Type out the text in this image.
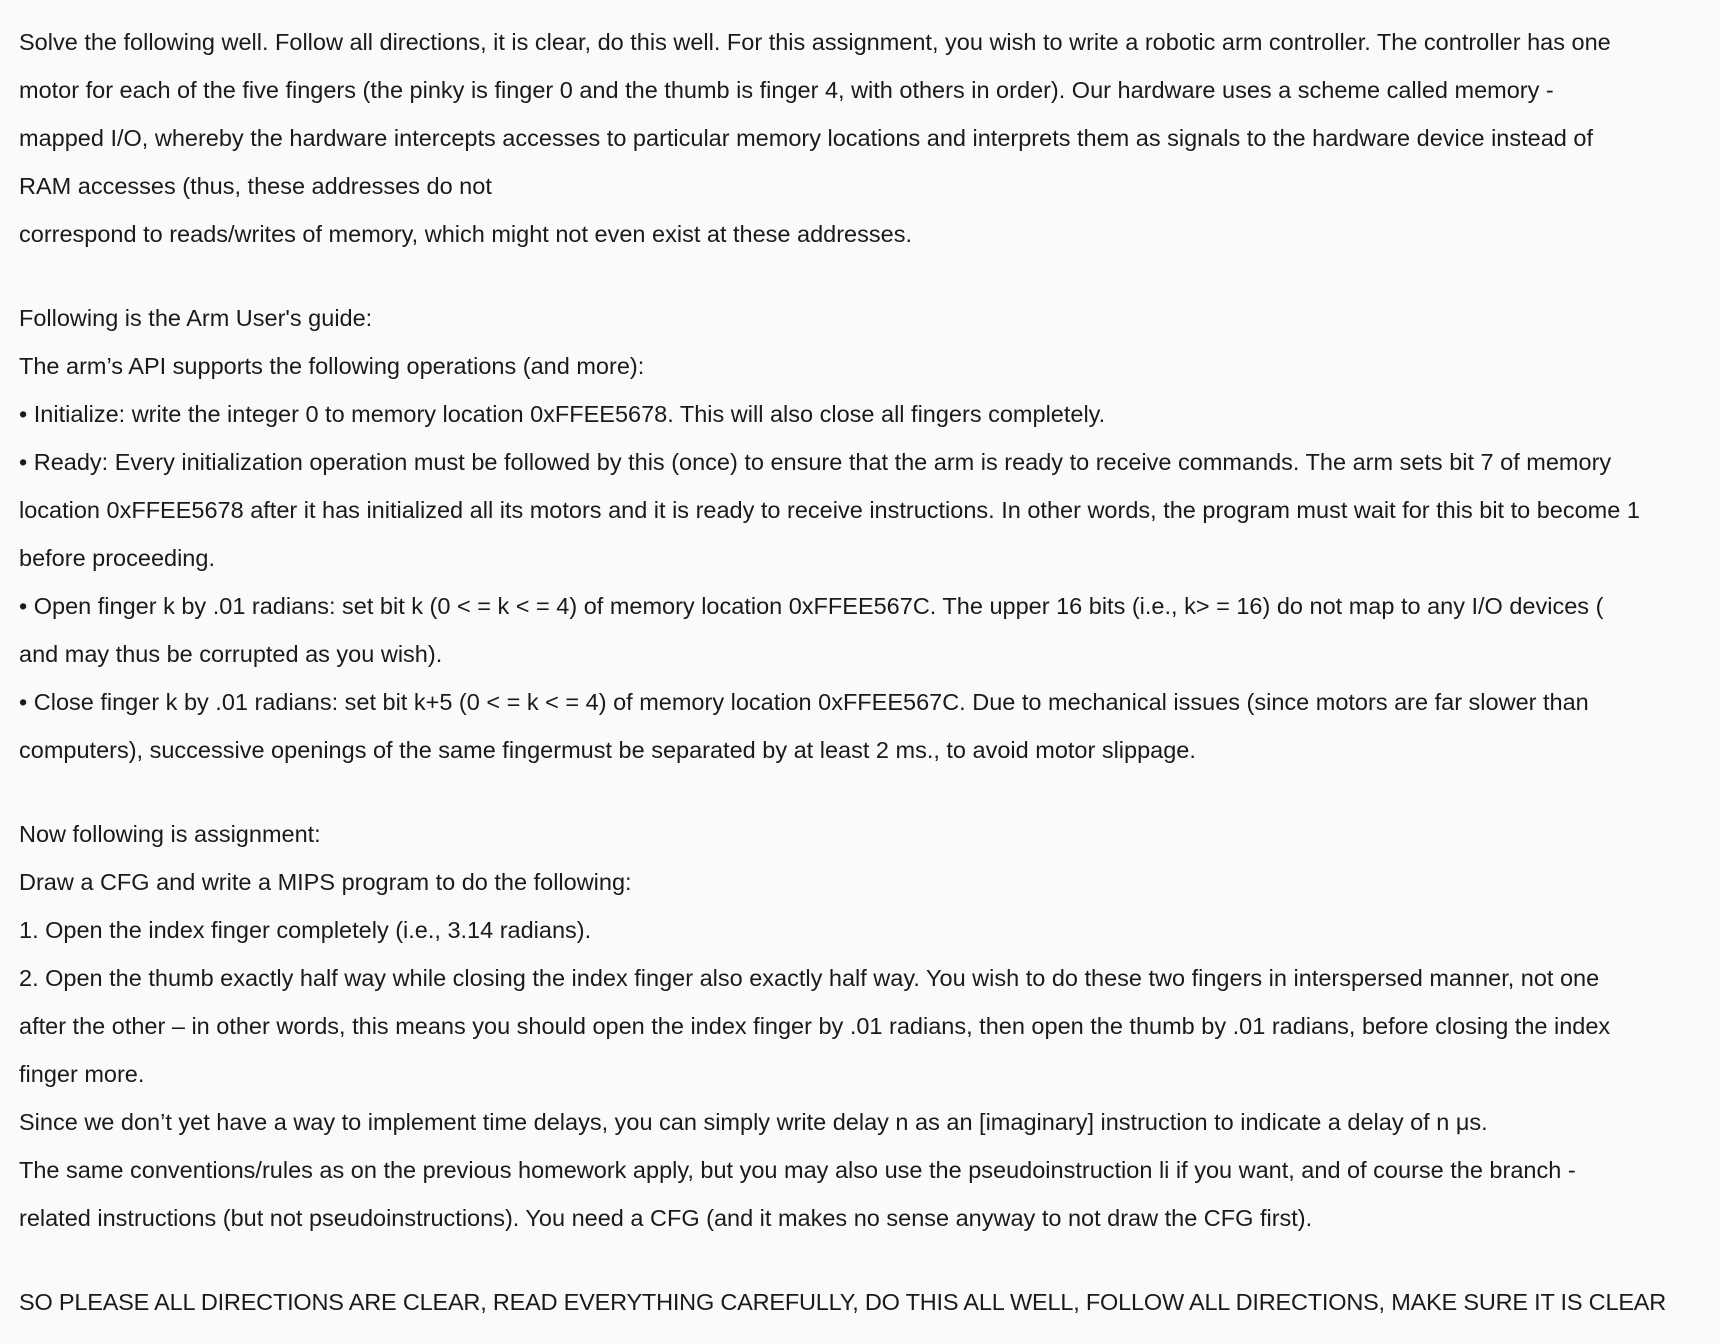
Solve the following well. Follow all directions, it is clear, do this well. For this assignment, you wish to write a robotic arm controller. The controller has one
motor for each of the five fingers (the pinky is finger 0 and the thumb is finger 4, with others in order). Our hardware uses a scheme called memory -
mapped I/O, whereby the hardware intercepts accesses to particular memory locations and interprets them as signals to the hardware device instead of
RAM accesses (thus, these addresses do not
correspond to reads/writes of memory, which might not even exist at these addresses.
Following is the Arm User's guide:
The arm’s API supports the following operations (and more):
• Initialize: write the integer 0 to memory location 0xFFEE5678. This will also close all fingers completely.
• Ready: Every initialization operation must be followed by this (once) to ensure that the arm is ready to receive commands. The arm sets bit 7 of memory
location 0xFFEE5678 after it has initialized all its motors and it is ready to receive instructions. In other words, the program must wait for this bit to become 1
before proceeding.
• Open finger k by .01 radians: set bit k (0 < = k < = 4) of memory location 0xFFEE567C. The upper 16 bits (i.e., k> = 16) do not map to any I/O devices (
and may thus be corrupted as you wish).
• Close finger k by .01 radians: set bit k+5 (0 < = k < = 4) of memory location 0xFFEE567C. Due to mechanical issues (since motors are far slower than
computers), successive openings of the same fingermust be separated by at least 2 ms., to avoid motor slippage.
Now following is assignment:
Draw a CFG and write a MIPS program to do the following:
1. Open the index finger completely (i.e., 3.14 radians).
2. Open the thumb exactly half way while closing the index finger also exactly half way. You wish to do these two fingers in interspersed manner, not one
after the other – in other words, this means you should open the index finger by .01 radians, then open the thumb by .01 radians, before closing the index
finger more.
Since we don’t yet have a way to implement time delays, you can simply write delay n as an [imaginary] instruction to indicate a delay of n μs.
The same conventions/rules as on the previous homework apply, but you may also use the pseudoinstruction li if you want, and of course the branch -
related instructions (but not pseudoinstructions). You need a CFG (and it makes no sense anyway to not draw the CFG first).
SO PLEASE ALL DIRECTIONS ARE CLEAR, READ EVERYTHING CAREFULLY, DO THIS ALL WELL, FOLLOW ALL DIRECTIONS, MAKE SURE IT IS CLEAR
